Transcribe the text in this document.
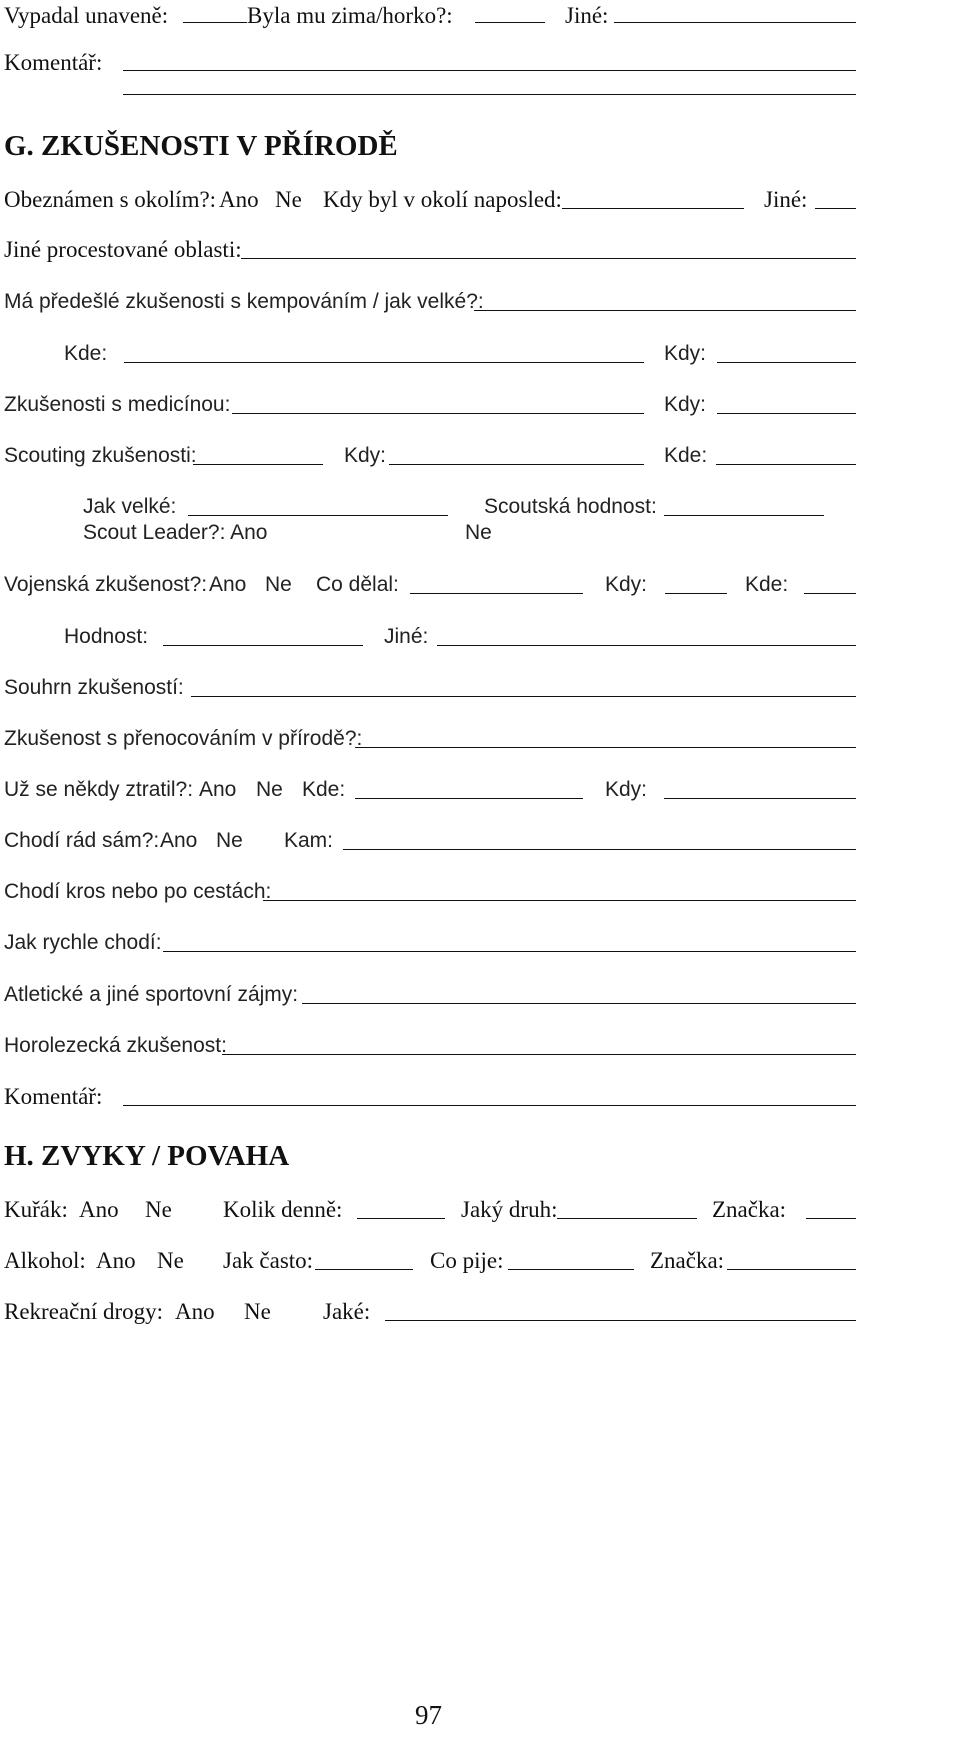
Vypadal unaveně:	Byla mu zima/horko?:	Jiné:
Komentář:
G. ZKUŠENOSTI V PŘÍRODĚ
Obeznámen s okolím?: Ano Ne Kdy byl v okolí naposled:	Jiné:
Jiné procestované oblasti:
Má předešlé zkušenosti s kempováním / jak velké?:
Kde:	Kdy:
Zkušenosti s medicínou:	Kdy:
Scouting zkušenosti:	Kdy:	Kde:
Jak velké:	Scoutská hodnost:
Scout Leader?: Ano	Ne
Vojenská zkušenost?: Ano Ne Co dělal:	Kdy:	Kde:
Hodnost:	Jiné:
Souhrn zkušeností:
Zkušenost s přenocováním v přírodě?:
Už se někdy ztratil?: Ano Ne Kde:	Kdy:
Chodí rád sám?: Ano Ne Kam:
Chodí kros nebo po cestách:
Jak rychle chodí:
Atletické a jiné sportovní zájmy:
Horolezecká zkušenost:
Komentář:
H. ZVYKY / POVAHA
Kuřák: Ano Ne Kolik denně:	Jaký druh:	Značka:
Alkohol: Ano Ne Jak často:	Co pije:	Značka:
Rekreační drogy: Ano Ne Jaké:
97
